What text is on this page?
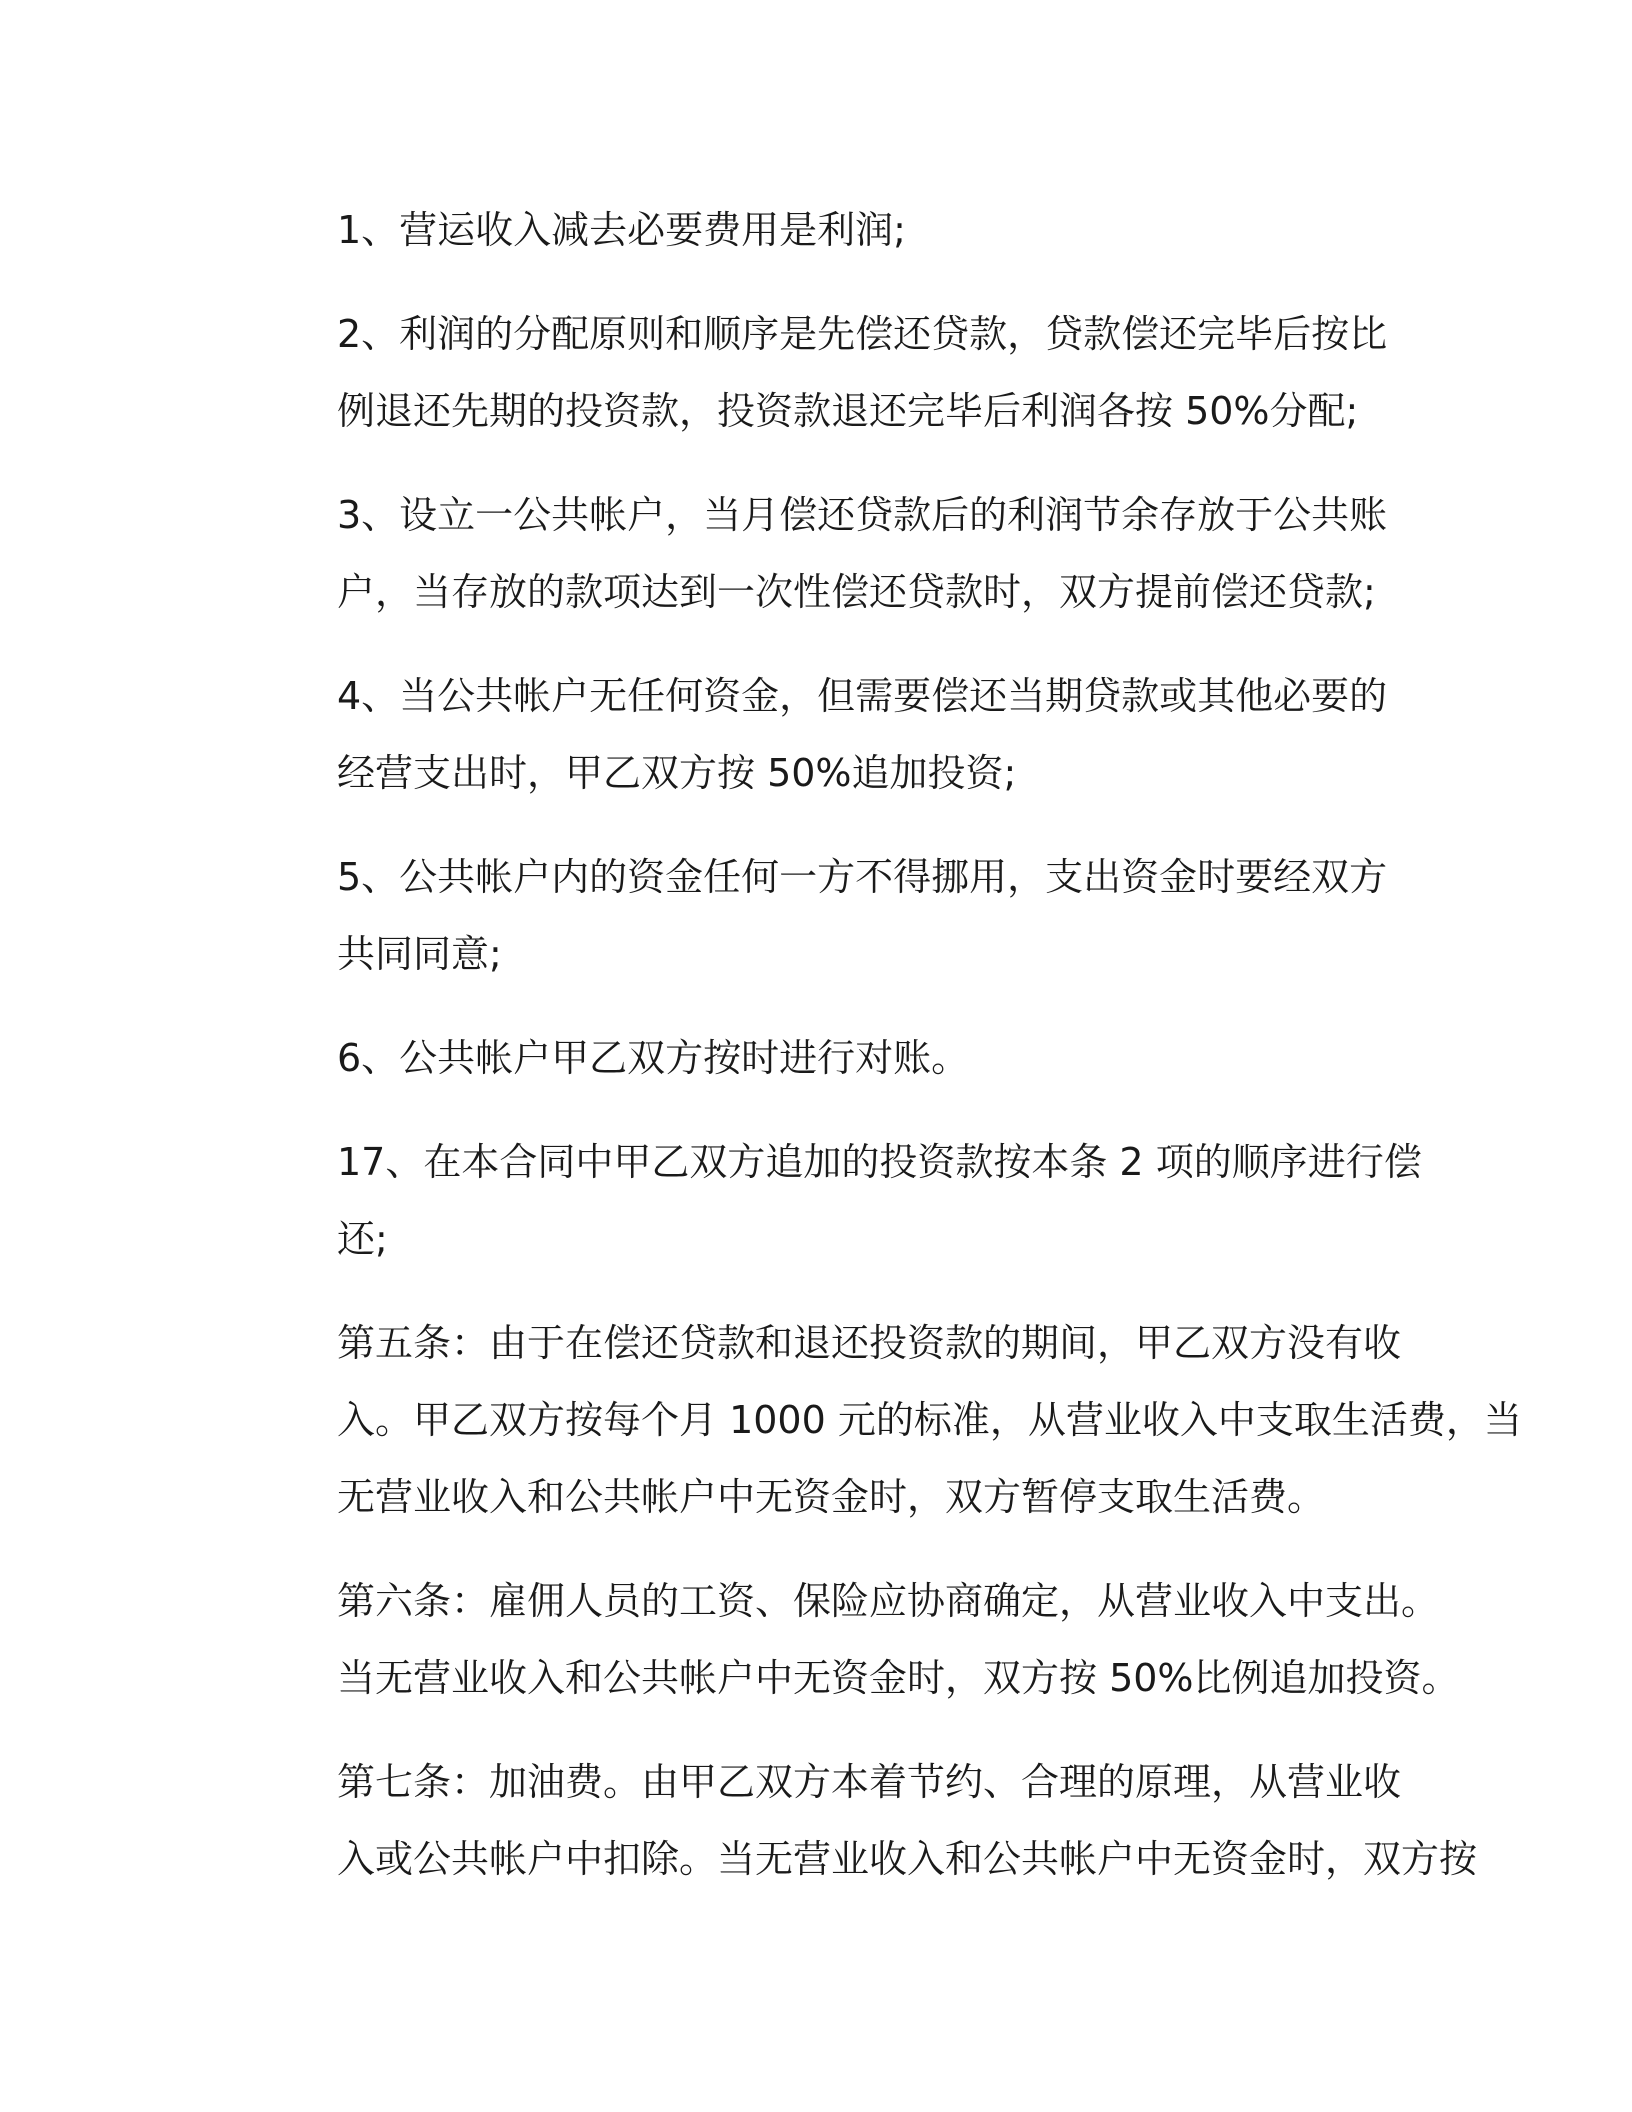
1、营运收入减去必要费用是利润;

2、利润的分配原则和顺序是先偿还贷款，贷款偿还完毕后按比
例退还先期的投资款，投资款退还完毕后利润各按 50%分配;

3、设立一公共帐户，当月偿还贷款后的利润节余存放于公共账
户，当存放的款项达到一次性偿还贷款时，双方提前偿还贷款;

4、当公共帐户无任何资金，但需要偿还当期贷款或其他必要的
经营支出时，甲乙双方按 50%追加投资;

5、公共帐户内的资金任何一方不得挪用，支出资金时要经双方
共同同意;

6、公共帐户甲乙双方按时进行对账。

17、在本合同中甲乙双方追加的投资款按本条 2 项的顺序进行偿
还;

第五条：由于在偿还贷款和退还投资款的期间，甲乙双方没有收
入。甲乙双方按每个月 1000 元的标准，从营业收入中支取生活费，当
无营业收入和公共帐户中无资金时，双方暂停支取生活费。

第六条：雇佣人员的工资、保险应协商确定，从营业收入中支出。
当无营业收入和公共帐户中无资金时，双方按 50%比例追加投资。

第七条：加油费。由甲乙双方本着节约、合理的原理，从营业收
入或公共帐户中扣除。当无营业收入和公共帐户中无资金时，双方按
